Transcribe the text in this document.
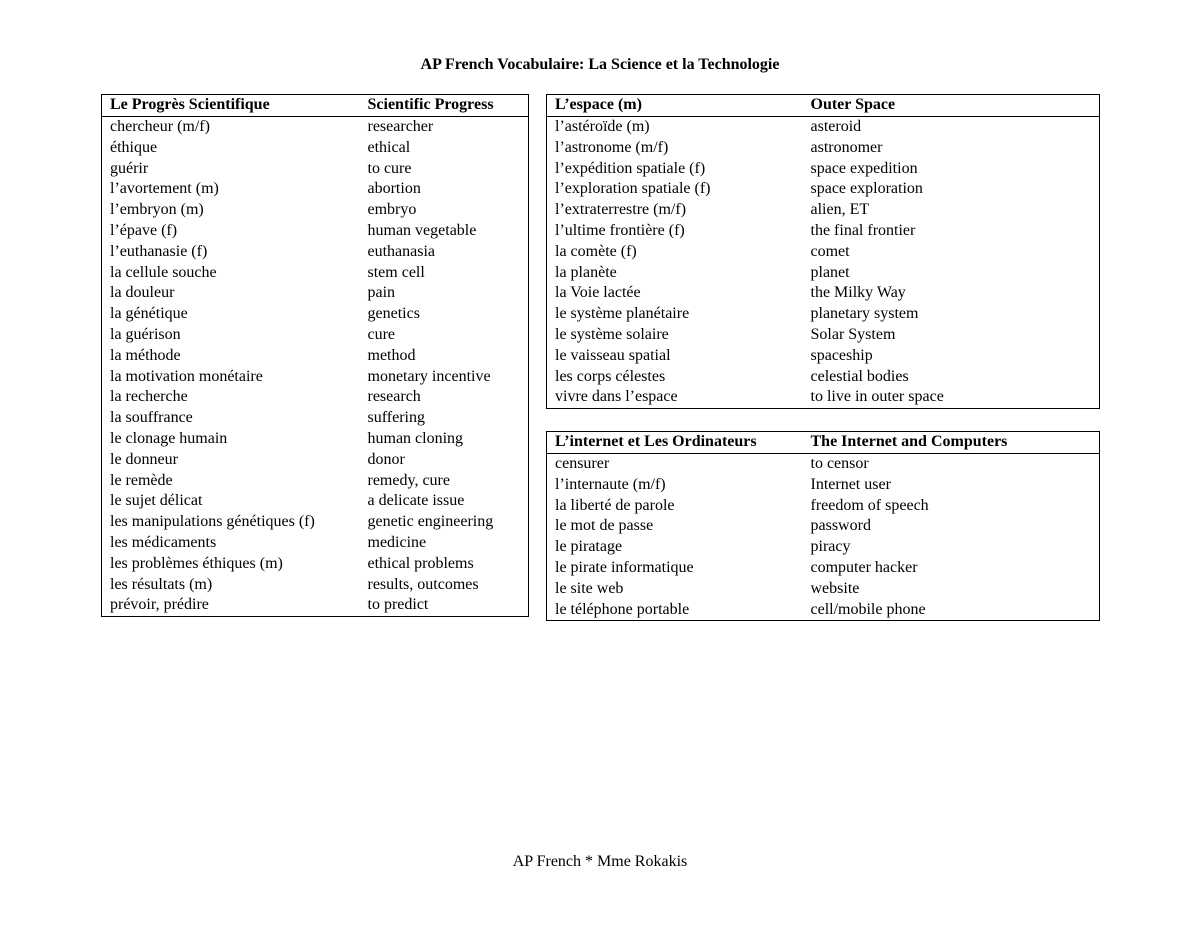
AP French Vocabulaire: La Science et la Technologie
Le Progrès Scientifique	Scientific Progress
chercheur (m/f)	researcher
éthique	ethical
guérir	to cure
l’avortement (m)	abortion
l’embryon (m)	embryo
l’épave (f)	human vegetable
l’euthanasie (f)	euthanasia
la cellule souche	stem cell
la douleur	pain
la génétique	genetics
la guérison	cure
la méthode	method
la motivation monétaire	monetary incentive
la recherche	research
la souffrance	suffering
le clonage humain	human cloning
le donneur	donor
le remède	remedy, cure
le sujet délicat	a delicate issue
les manipulations génétiques (f)	genetic engineering
les médicaments	medicine
les problèmes éthiques (m)	ethical problems
les résultats (m)	results, outcomes
prévoir, prédire	to predict
L’espace (m)	Outer Space
l’astéroïde (m)	asteroid
l’astronome (m/f)	astronomer
l’expédition spatiale (f)	space expedition
l’exploration spatiale (f)	space exploration
l’extraterrestre (m/f)	alien, ET
l’ultime frontière (f)	the final frontier
la comète (f)	comet
la planète	planet
la Voie lactée	the Milky Way
le système planétaire	planetary system
le système solaire	Solar System
le vaisseau spatial	spaceship
les corps célestes	celestial bodies
vivre dans l’espace	to live in outer space
L’internet et Les Ordinateurs	The Internet and Computers
censurer	to censor
l’internaute (m/f)	Internet user
la liberté de parole	freedom of speech
le mot de passe	password
le piratage	piracy
le pirate informatique	computer hacker
le site web	website
le téléphone portable	cell/mobile phone
AP French * Mme Rokakis
